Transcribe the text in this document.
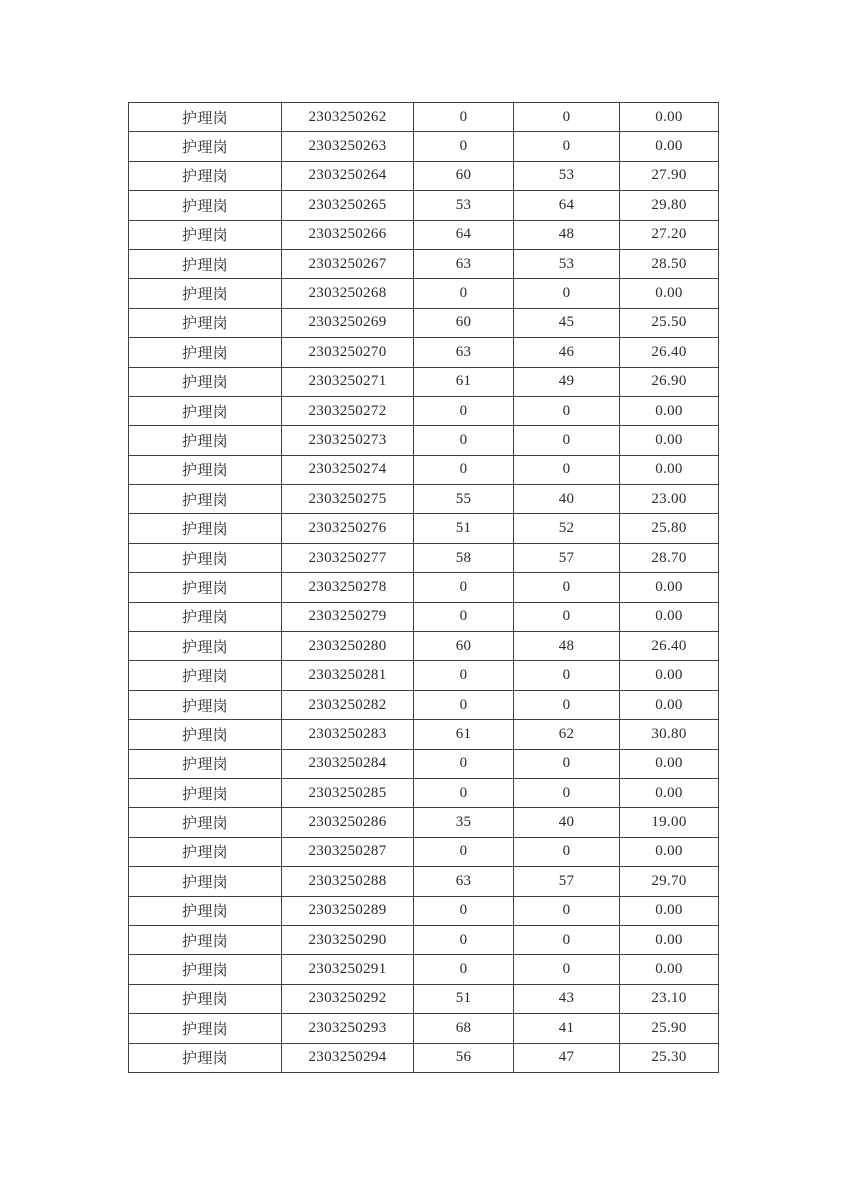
护理岗	2303250262	0	0	0.00
护理岗	2303250263	0	0	0.00
护理岗	2303250264	60	53	27.90
护理岗	2303250265	53	64	29.80
护理岗	2303250266	64	48	27.20
护理岗	2303250267	63	53	28.50
护理岗	2303250268	0	0	0.00
护理岗	2303250269	60	45	25.50
护理岗	2303250270	63	46	26.40
护理岗	2303250271	61	49	26.90
护理岗	2303250272	0	0	0.00
护理岗	2303250273	0	0	0.00
护理岗	2303250274	0	0	0.00
护理岗	2303250275	55	40	23.00
护理岗	2303250276	51	52	25.80
护理岗	2303250277	58	57	28.70
护理岗	2303250278	0	0	0.00
护理岗	2303250279	0	0	0.00
护理岗	2303250280	60	48	26.40
护理岗	2303250281	0	0	0.00
护理岗	2303250282	0	0	0.00
护理岗	2303250283	61	62	30.80
护理岗	2303250284	0	0	0.00
护理岗	2303250285	0	0	0.00
护理岗	2303250286	35	40	19.00
护理岗	2303250287	0	0	0.00
护理岗	2303250288	63	57	29.70
护理岗	2303250289	0	0	0.00
护理岗	2303250290	0	0	0.00
护理岗	2303250291	0	0	0.00
护理岗	2303250292	51	43	23.10
护理岗	2303250293	68	41	25.90
护理岗	2303250294	56	47	25.30
